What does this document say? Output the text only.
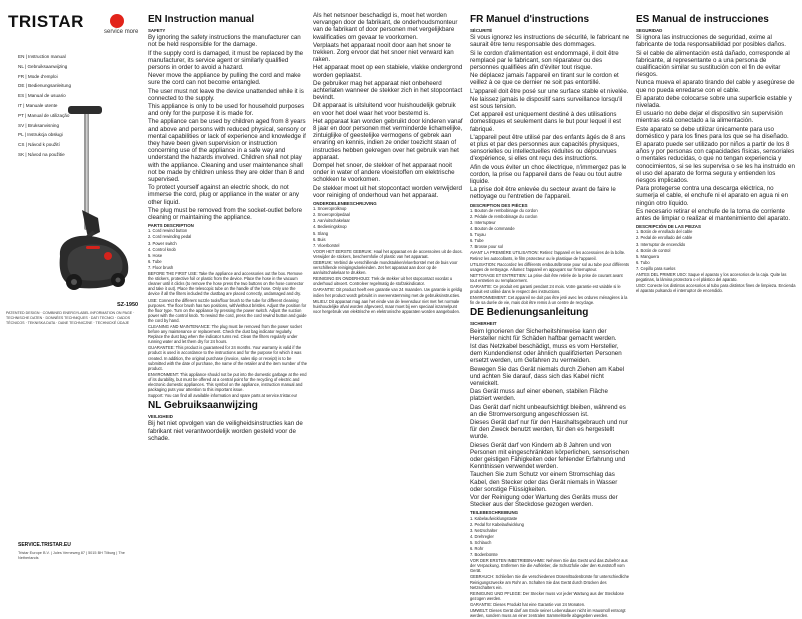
TRISTAR
service more
EN | Instruction manual
NL | Gebruiksaanwijzing
FR | Mode d'emploi
DE | Bedienungsanleitung
ES | Manual de usuario
IT | Manuale utente
PT | Manual de utilização
SV | Bruksanvisning
PL | Instrukcja obsługi
CS | Návod k použití
SK | Návod na použitie
SZ-1950
PATENTED DESIGN · COMBINED ENERGYLABEL INFORMATION ON PAGE · TECHNISCHE DATEN · DONNÉES TECHNIQUES · DATI TECNICI · DADOS TÉCNICOS · TEKNISKA DATA · DANE TECHNICZNE · TECHNICKÉ ÚDAJE
SERVICE.TRISTAR.EU
Tristar Europe B.V. | Jules Verneweg 87 | 5015 BH Tilburg | The Netherlands
EN Instruction manual
SAFETY

By ignoring the safety instructions the manufacturer can not be held responsible for the damage.

If the supply cord is damaged, it must be replaced by the manufacturer, its service agent or similarly qualified persons in order to avoid a hazard.

Never move the appliance by pulling the cord and make sure the cord can not become entangled.

The user must not leave the device unattended while it is connected to the supply.

This appliance is only to be used for household purposes and only for the purpose it is made for.

The appliance can be used by children aged from 8 years and above and persons with reduced physical, sensory or mental capabilities or lack of experience and knowledge if they have been given supervision or instruction concerning use of the appliance in a safe way and understand the hazards involved. Children shall not play with the appliance. Cleaning and user maintenance shall not be made by children unless they are older than 8 and supervised.

To protect yourself against an electric shock, do not immerse the cord, plug or appliance in the water or any other liquid.

The plug must be removed from the socket-outlet before cleaning or maintaining the appliance.

PARTS DESCRIPTION

1. Cord rewind button

2. Cord rewinding pedal

3. Power switch

4. Control knob

5. Hose

6. Tube

7. Floor brush

BEFORE THE FIRST USE: Take the appliance and accessories out the box. Remove the stickers, protective foil or plastic from the device. Place the hose in the vacuum cleaner until it clicks (to remove the hose press the two buttons on the hose connector and take it out). Place the telescopic tube on the handle of the hose. Only use the device if all the filters included the dustbag are placed correctly, undamaged and dry.

USE: Connect the different nozzle tools/floor brush to the tube for different cleaning purposes. The floor brush has two positions, with/without bristles. Adjust the position for the floor type. Turn on the appliance by pressing the power switch. Adjust the suction power with the control knob. To rewind the cord, press the cord rewind button and guide the cord by hand.

CLEANING AND MAINTENANCE: The plug must be removed from the power socket before any maintenance or replacement. Check the dust bag indicator regularly. Replace the dust bag when the indicator turns red. Clean the filters regularly under running water and let them dry for 24 hours.

GUARANTEE: This product is guaranteed for 24 months. Your warranty is valid if the product is used in accordance to the instructions and for the purpose for which it was created. In addition, the original purchase (invoice, sales slip or receipt) is to be submitted with the date of purchase, the name of the retailer and the item number of the product.

ENVIRONMENT: This appliance should not be put into the domestic garbage at the end of its durability, but must be offered at a central point for the recycling of electric and electronic domestic appliances. This symbol on the appliance, instruction manual and packaging puts your attention to this important issue.

Support: You can find all available information and spare parts at service.tristar.eu!

NL Gebruiksaanwijzing
VEILIGHEID

Bij het niet opvolgen van de veiligheidsinstructies kan de fabrikant niet verantwoordelijk worden gesteld voor de schade.

Als het netsnoer beschadigd is, moet het worden vervangen door de fabrikant, de onderhoudsmonteur van de fabrikant of door personen met vergelijkbare kwalificaties om gevaar te voorkomen.

Verplaats het apparaat nooit door aan het snoer te trekken. Zorg ervoor dat het snoer niet verward kan raken.

Het apparaat moet op een stabiele, vlakke ondergrond worden geplaatst.

De gebruiker mag het apparaat niet onbeheerd achterlaten wanneer de stekker zich in het stopcontact bevindt.

Dit apparaat is uitsluitend voor huishoudelijk gebruik en voor het doel waar het voor bestemd is.

Het apparaat kan worden gebruikt door kinderen vanaf 8 jaar en door personen met verminderde lichamelijke, zintuiglijke of geestelijke vermogens of gebrek aan ervaring en kennis, indien ze onder toezicht staan of instructies hebben gekregen over het gebruik van het apparaat.

Dompel het snoer, de stekker of het apparaat nooit onder in water of andere vloeistoffen om elektrische schokken te voorkomen.

De stekker moet uit het stopcontact worden verwijderd voor reiniging of onderhoud van het apparaat.

ONDERDELENBESCHRIJVING

1. Snoeroprolknop

2. Snoeroprolpedaal

3. Aan/uitschakelaar

4. Bedieningsknop

5. Slang

6. Buis

7. Vloerborstel

VOOR HET EERSTE GEBRUIK: Haal het apparaat en de accessoires uit de doos. Verwijder de stickers, beschermfolie of plastic van het apparaat.

GEBRUIK: Verbind de verschillende mondstukken/vloerborstel met de buis voor verschillende reinigingsdoeleinden. Zet het apparaat aan door op de aan/uitschakelaar te drukken.

REINIGING EN ONDERHOUD: Trek de stekker uit het stopcontact voordat u onderhoud uitvoert. Controleer regelmatig de stofzakindicator.

GARANTIE: Dit product heeft een garantie van 24 maanden. Uw garantie is geldig indien het product wordt gebruikt in overeenstemming met de gebruiksinstructies.

MILIEU: Dit apparaat mag aan het einde van de levensduur niet met het normale huishoudelijke afval worden afgevoerd, maar moet bij een speciaal inzamelpunt voor hergebruik van elektrische en elektronische apparaten worden aangeboden.

FR Manuel d'instructions
SÉCURITÉ

Si vous ignorez les instructions de sécurité, le fabricant ne saurait être tenu responsable des dommages.

Si le cordon d'alimentation est endommagé, il doit être remplacé par le fabricant, son réparateur ou des personnes qualifiées afin d'éviter tout risque.

Ne déplacez jamais l'appareil en tirant sur le cordon et veillez à ce que ce dernier ne soit pas entortillé.

L'appareil doit être posé sur une surface stable et nivelée.

Ne laissez jamais le dispositif sans surveillance lorsqu'il est sous tension.

Cet appareil est uniquement destiné à des utilisations domestiques et seulement dans le but pour lequel il est fabriqué.

L'appareil peut être utilisé par des enfants âgés de 8 ans et plus et par des personnes aux capacités physiques, sensorielles ou intellectuelles réduites ou dépourvues d'expérience, si elles ont reçu des instructions.

Afin de vous éviter un choc électrique, n'immergez pas le cordon, la prise ou l'appareil dans de l'eau ou tout autre liquide.

La prise doit être enlevée du secteur avant de faire le nettoyage ou l'entretien de l'appareil.

DESCRIPTION DES PIÈCES

1. Bouton de rembobinage du cordon

2. Pédale de rembobinage du cordon

3. Interrupteur

4. Bouton de commande

5. Tuyau

6. Tube

7. Brosse pour sol

AVANT LA PREMIÈRE UTILISATION: Retirez l'appareil et les accessoires de la boîte. Retirez les autocollants, le film protecteur ou le plastique de l'appareil.

UTILISATION: Raccordez les différents embouts/brosse pour sol au tube pour différents usages de nettoyage. Allumez l'appareil en appuyant sur l'interrupteur.

NETTOYAGE ET ENTRETIEN: La prise doit être retirée de la prise de courant avant tout entretien ou remplacement.

GARANTIE: Ce produit est garanti pendant 24 mois. Votre garantie est valable si le produit est utilisé dans le respect des instructions.

ENVIRONNEMENT: Cet appareil ne doit pas être jeté avec les ordures ménagères à la fin de sa durée de vie, mais doit être remis à un centre de recyclage.

DE Bedienungsanleitung
SICHERHEIT

Beim Ignorieren der Sicherheitshinweise kann der Hersteller nicht für Schäden haftbar gemacht werden.

Ist das Netzkabel beschädigt, muss es vom Hersteller, dem Kundendienst oder ähnlich qualifizierten Personen ersetzt werden, um Gefahren zu vermeiden.

Bewegen Sie das Gerät niemals durch Ziehen am Kabel und achten Sie darauf, dass sich das Kabel nicht verwickelt.

Das Gerät muss auf einer ebenen, stabilen Fläche platziert werden.

Das Gerät darf nicht unbeaufsichtigt bleiben, während es an die Stromversorgung angeschlossen ist.

Dieses Gerät darf nur für den Haushaltsgebrauch und nur für den Zweck benutzt werden, für den es hergestellt wurde.

Dieses Gerät darf von Kindern ab 8 Jahren und von Personen mit eingeschränkten körperlichen, sensorischen oder geistigen Fähigkeiten oder fehlender Erfahrung und Kenntnissen verwendet werden.

Tauchen Sie zum Schutz vor einem Stromschlag das Kabel, den Stecker oder das Gerät niemals in Wasser oder sonstige Flüssigkeiten.

Vor der Reinigung oder Wartung des Geräts muss der Stecker aus der Steckdose gezogen werden.

TEILEBESCHREIBUNG

1. Kabelaufwicklungstaste

2. Pedal für Kabelaufwicklung

3. Netzschalter

4. Drehregler

5. Schlauch

6. Rohr

7. Bodenbürste

VOR DER ERSTEN INBETRIEBNAHME: Nehmen Sie das Gerät und das Zubehör aus der Verpackung. Entfernen Sie die Aufkleber, die Schutzfolie oder den Kunststoff vom Gerät.

GEBRAUCH: Schließen Sie die verschiedenen Düsen/Bodenbürste für unterschiedliche Reinigungszwecke am Rohr an. Schalten Sie das Gerät durch Drücken des Netzschalters ein.

REINIGUNG UND PFLEGE: Der Stecker muss vor jeder Wartung aus der Steckdose gezogen werden.

GARANTIE: Dieses Produkt hat eine Garantie von 24 Monaten.

UMWELT: Dieses Gerät darf am Ende seiner Lebensdauer nicht im Hausmüll entsorgt werden, sondern muss an einer zentralen Sammelstelle abgegeben werden.

ES Manual de instrucciones
SEGURIDAD

Si ignora las instrucciones de seguridad, exime al fabricante de toda responsabilidad por posibles daños.

Si el cable de alimentación está dañado, corresponde al fabricante, al representante o a una persona de cualificación similar su sustitución con el fin de evitar riesgos.

Nunca mueva el aparato tirando del cable y asegúrese de que no pueda enredarse con el cable.

El aparato debe colocarse sobre una superficie estable y nivelada.

El usuario no debe dejar el dispositivo sin supervisión mientras está conectado a la alimentación.

Este aparato se debe utilizar únicamente para uso doméstico y para los fines para los que se ha diseñado.

El aparato puede ser utilizado por niños a partir de los 8 años y por personas con capacidades físicas, sensoriales o mentales reducidas, o que no tengan experiencia y conocimientos, si se les supervisa o se les ha instruido en el uso del aparato de forma segura y entienden los riesgos implicados.

Para protegerse contra una descarga eléctrica, no sumerja el cable, el enchufe ni el aparato en agua ni en ningún otro líquido.

Es necesario retirar el enchufe de la toma de corriente antes de limpiar o realizar el mantenimiento del aparato.

DESCRIPCIÓN DE LAS PIEZAS

1. Botón de enrollado del cable

2. Pedal de enrollado del cable

3. Interruptor de encendido

4. Botón de control

5. Manguera

6. Tubo

7. Cepillo para suelos

ANTES DEL PRIMER USO: Saque el aparato y los accesorios de la caja. Quite las pegatinas, la lámina protectora o el plástico del aparato.

USO: Conecte los distintos accesorios al tubo para distintos fines de limpieza. Encienda el aparato pulsando el interruptor de encendido.
